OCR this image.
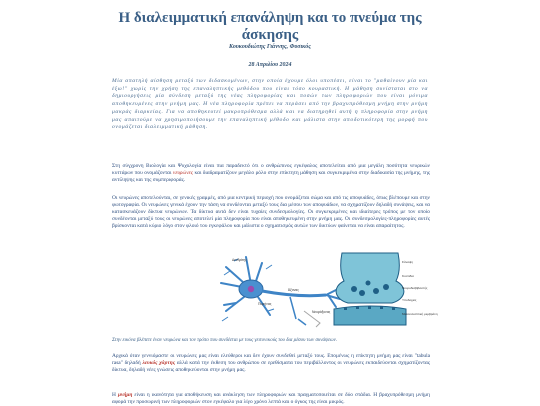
Η διαλειμματική επανάληψη και το πνεύμα της άσκησης
Κουκουδιώτης Γιάννης, Φυσικός
28 Απριλίου 2024
Μία απατηλή αίσθηση μεταξύ των διδασκομένων, στην οποία έχουμε όλοι υποπέσει, είναι το "μαθαίνουν μία και έξω!" χωρίς την χρήση της επαναληπτικής μεθόδου που είναι τόσο κουραστική. Η μάθηση συνίσταται στο να δημιουργήσεις μία σύνδεση μεταξύ της νέας πληροφορίας και ποσών των πληροφοριών που είναι μόνιμα αποθηκευμένες στην μνήμη μας. Η νέα πληροφορία πρέπει να περάσει από την βραχυπρόθεσμη μνήμη στην μνήμη μακράς διαρκείας. Για να αποθηκευτεί μακροπρόθεσμα αλλά και να διατηρηθεί αυτή η πληροφορία στην μνήμη μας απαιτούμε να χρησιμοποιήσουμε την επαναληπτική μέθοδο και μάλιστα στην αποδοτικότερη της μορφή που ονομάζεται διαλειμματική μάθηση.
Στη σύγχρονη Βιολογία και Ψυχολογία είναι πια παραδεκτό ότι ο ανθρώπινος εγκέφαλος αποτελείται από μια μεγάλη ποσότητα νευρικών κυττάρων που ονομάζονται νευρώνες και διαδραματίζουν μεγάλο ρόλο στην επίκτητη μάθηση και συγκεκριμένα στην διαδικασία της μνήμης, της αντίληψης και της συμπεριφοράς.
Οι νευρώνες αποτελούνται, σε γενικές γραμμές, από μια κεντρική περιοχή που ονομάζεται σώμα και από τις αποφυάδες, όπως βλέπουμε και στην φωτογραφία. Οι νευρώνες γενικά έχουν την τάση να συνδέονται μεταξύ τους δια μέσου των αποφυάδων, να σχηματίζουν δηλαδή συνάψεις, και να κατασκευάζουν δίκτυα νευρώνων. Τα δίκτυα αυτά δεν είναι τυχαίες συνδεσμολογίες. Οι συγκεκριμένες και ιδιαίτερες τρόπος με τον οποίο συνδέονται μεταξύ τους οι νευρώνες αποτελεί μία πληροφορία που είναι αποθηκευμένη στην μνήμη μας. Οι συνδεσμολογίες-πληροφορίες αυτές βρίσκονται κατά κύριο λόγο στον φλοιό του εγκεφάλου και μάλιστα ο σχηματισμός αυτών των δικτύων φαίνεται να είναι απαραίτητος.
Δενδρίτης
Πυρήνας
Άξονας
Νευράξονας
Σύναψη
Κυστίδια
Νευροδιαβιβαστής
Υποδοχείς
Μετασυναπτική μεμβράνη
Στην εικόνα βλέπετε έναν νευρώνα και τον τρόπο που συνδέεται με τους γειτονικούς του δια μέσου των συνάψεων.
Αρχικά όταν γεννιόμαστε οι νευρώνες μας είναι ελεύθεροι και δεν έχουν συνδεθεί μεταξύ τους. Επομένως η επίκτητη μνήμη μας είναι "tabula rasa" δηλαδή λευκός χάρτης αλλά κατά την έκθεση του ανθρώπου σε ερεθίσματα του περιβάλλοντος οι νευρώνες εκπαιδεύονται σχηματίζοντας δίκτυα, δηλαδή νέες γνώσεις αποθηκεύονται στην μνήμη μας.
Η μνήμη είναι η ικανότητα για αποθήκευση και ανάκληση των πληροφοριών και πραγματοποιείται σε δύο στάδια. Η βραχυπρόθεσμη μνήμη αφορά την προσωρινή των πληροφοριών στον εγκέφαλο για λίγο χρόνο λεπτά και ο όγκος της είναι μικρός.
